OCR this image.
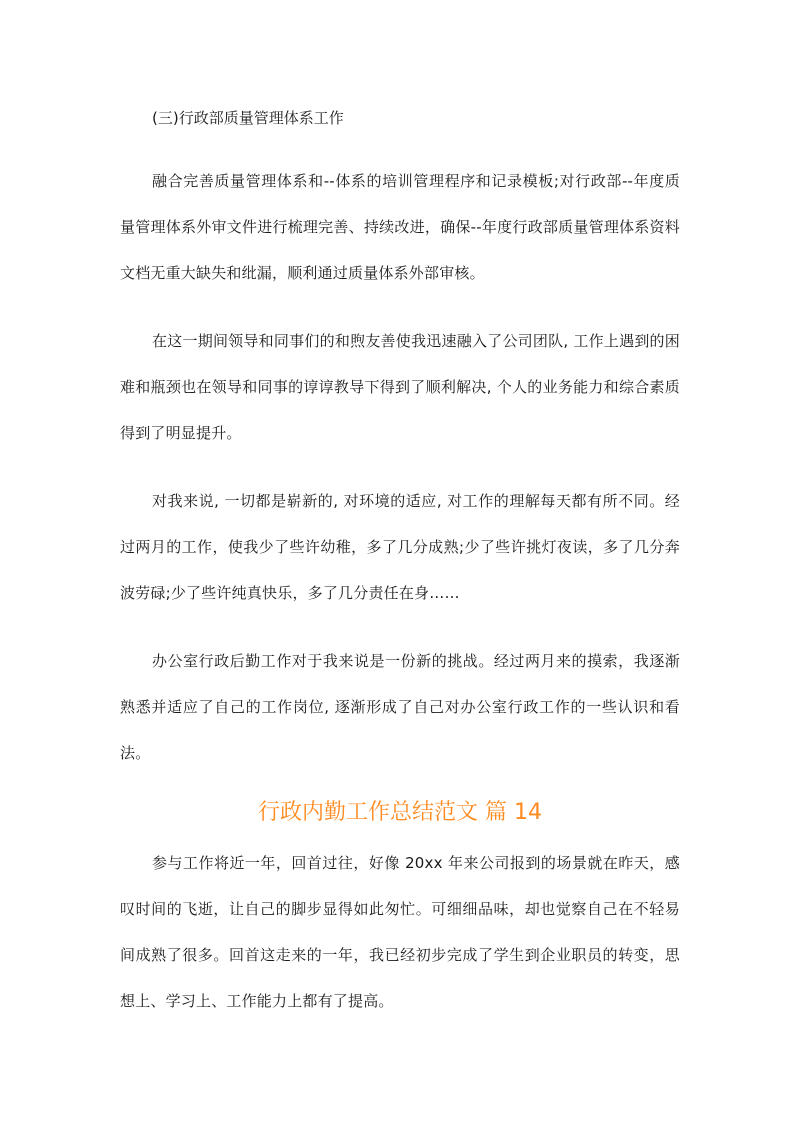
(三)行政部质量管理体系工作

融合完善质量管理体系和--体系的培训管理程序和记录模板;对行政部--年度质量管理体系外审文件进行梳理完善、持续改进，确保--年度行政部质量管理体系资料文档无重大缺失和纰漏，顺利通过质量体系外部审核。

在这一期间领导和同事们的和煦友善使我迅速融入了公司团队, 工作上遇到的困难和瓶颈也在领导和同事的谆谆教导下得到了顺利解决, 个人的业务能力和综合素质得到了明显提升。

对我来说, 一切都是崭新的, 对环境的适应, 对工作的理解每天都有所不同。经过两月的工作，使我少了些许幼稚，多了几分成熟;少了些许挑灯夜读，多了几分奔波劳碌;少了些许纯真快乐，多了几分责任在身……

办公室行政后勤工作对于我来说是一份新的挑战。经过两月来的摸索，我逐渐熟悉并适应了自己的工作岗位, 逐渐形成了自己对办公室行政工作的一些认识和看法。

行政内勤工作总结范文 篇 14

参与工作将近一年，回首过往，好像 20xx 年来公司报到的场景就在昨天，感叹时间的飞逝，让自己的脚步显得如此匆忙。可细细品味，却也觉察自己在不轻易间成熟了很多。回首这走来的一年，我已经初步完成了学生到企业职员的转变，思想上、学习上、工作能力上都有了提高。
